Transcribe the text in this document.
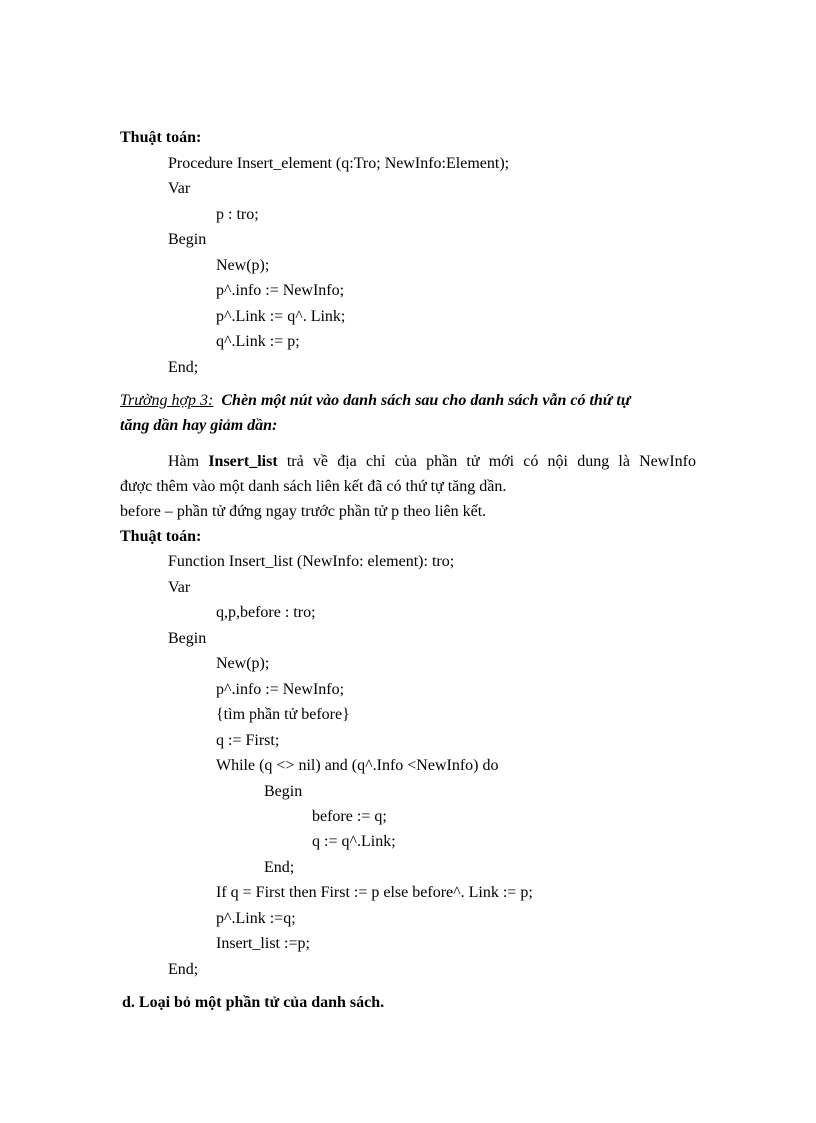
Thuật toán:
Procedure Insert_element (q:Tro; NewInfo:Element);
Var
p : tro;
Begin
New(p);
p^.info := NewInfo;
p^.Link := q^. Link;
q^.Link := p;
End;
Trường hợp 3: Chèn một nút vào danh sách sau cho danh sách vẫn có thứ tự
tăng dần hay giảm dần:
Hàm Insert_list trả về địa chỉ của phần tử mới có nội dung là NewInfo
được thêm vào một danh sách liên kết đã có thứ tự tăng dần.
before – phần tử đứng ngay trước phần tử p theo liên kết.
Thuật toán:
Function Insert_list (NewInfo: element): tro;
Var
q,p,before : tro;
Begin
New(p);
p^.info := NewInfo;
{tìm phần tử before}
q := First;
While (q <> nil) and (q^.Info <NewInfo) do
Begin
before := q;
q := q^.Link;
End;
If q = First then First := p else before^. Link := p;
p^.Link :=q;
Insert_list :=p;
End;
d. Loại bỏ một phần tử của danh sách.
